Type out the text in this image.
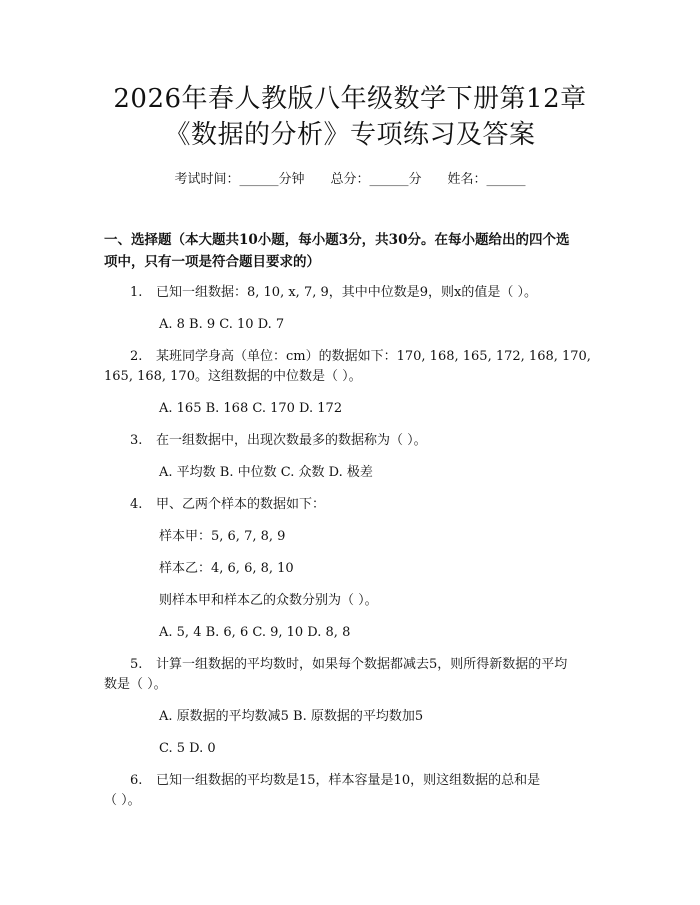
2026年春人教版八年级数学下册第12章
《数据的分析》专项练习及答案
考试时间：______分钟　　总分：______分　　姓名：______
一、选择题（本大题共10小题，每小题3分，共30分。在每小题给出的四个选
项中，只有一项是符合题目要求的）
1. 已知一组数据：8, 10, x, 7, 9，其中中位数是9，则x的值是（ ）。
A. 8 B. 9 C. 10 D. 7
2. 某班同学身高（单位：cm）的数据如下：170, 168, 165, 172, 168, 170,
165, 168, 170。这组数据的中位数是（ ）。
A. 165 B. 168 C. 170 D. 172
3. 在一组数据中，出现次数最多的数据称为（ ）。
A. 平均数 B. 中位数 C. 众数 D. 极差
4. 甲、乙两个样本的数据如下：
样本甲：5, 6, 7, 8, 9
样本乙：4, 6, 6, 8, 10
则样本甲和样本乙的众数分别为（ ）。
A. 5, 4 B. 6, 6 C. 9, 10 D. 8, 8
5. 计算一组数据的平均数时，如果每个数据都减去5，则所得新数据的平均
数是（ ）。
A. 原数据的平均数减5 B. 原数据的平均数加5
C. 5 D. 0
6. 已知一组数据的平均数是15，样本容量是10，则这组数据的总和是
（ ）。
